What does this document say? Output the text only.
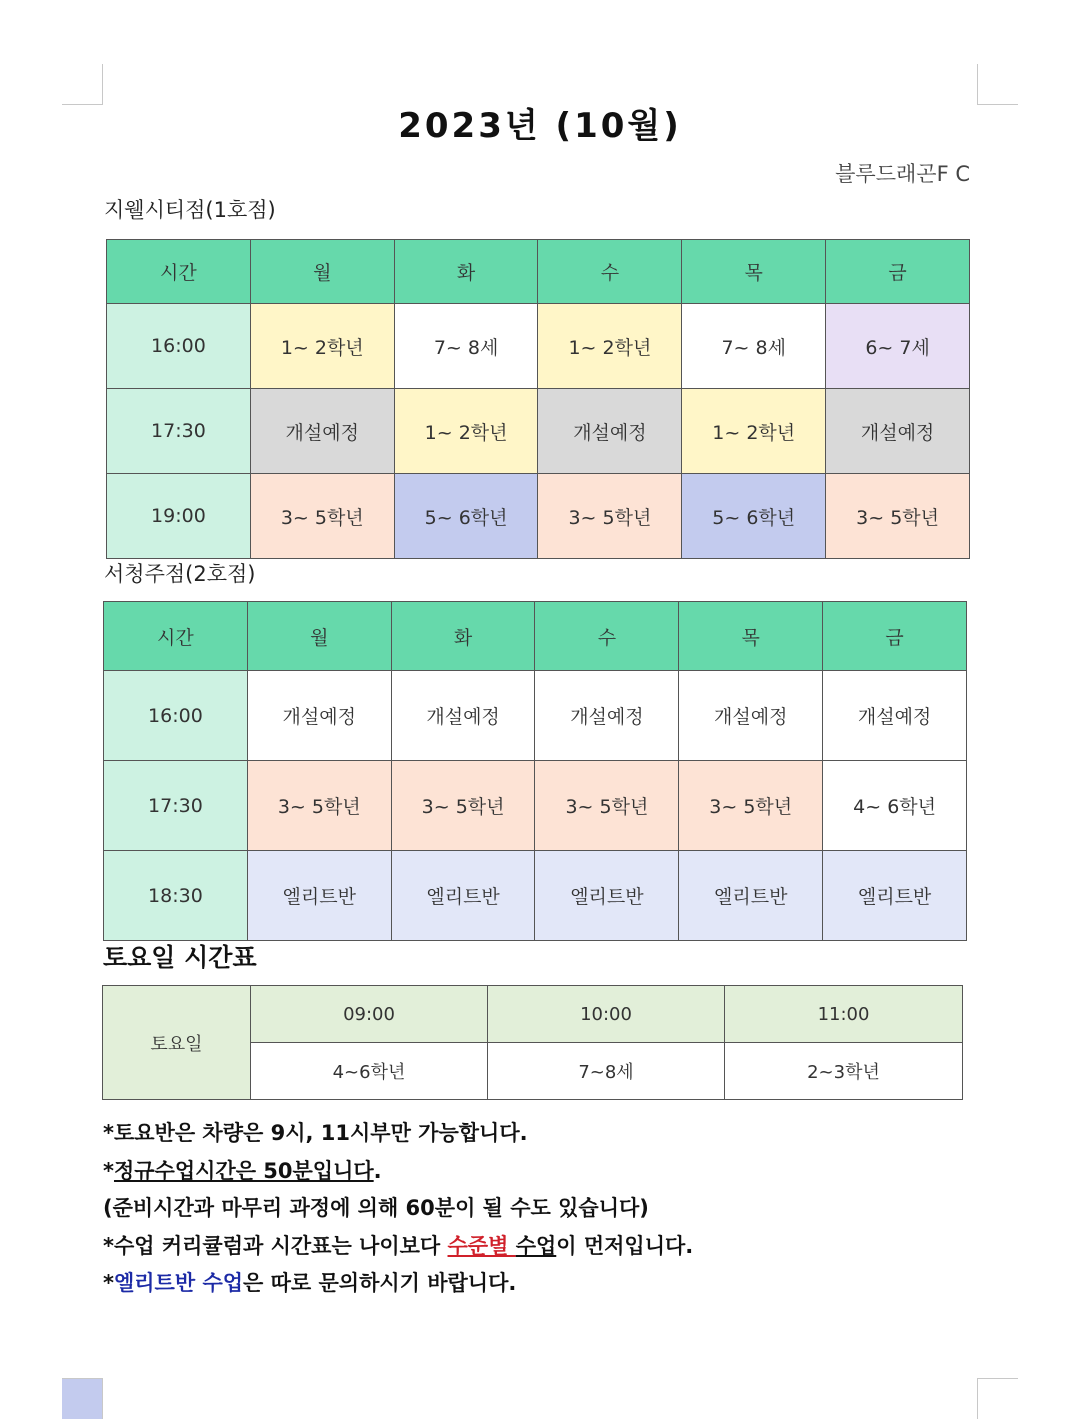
2023년 (10월)
블루드래곤F C
지웰시티점(1호점)
시간	월	화	수	목	금
16:00	1~ 2학년	7~ 8세	1~ 2학년	7~ 8세	6~ 7세
17:30	개설예정	1~ 2학년	개설예정	1~ 2학년	개설예정
19:00	3~ 5학년	5~ 6학년	3~ 5학년	5~ 6학년	3~ 5학년
서청주점(2호점)
시간	월	화	수	목	금
16:00	개설예정	개설예정	개설예정	개설예정	개설예정
17:30	3~ 5학년	3~ 5학년	3~ 5학년	3~ 5학년	4~ 6학년
18:30	엘리트반	엘리트반	엘리트반	엘리트반	엘리트반
토요일 시간표
토요일	09:00	10:00	11:00
	4~6학년	7~8세	2~3학년
*토요반은 차량은 9시, 11시부만 가능합니다.
*정규수업시간은 50분입니다.
(준비시간과 마무리 과정에 의해 60분이 될 수도 있습니다)
*수업 커리큘럼과 시간표는 나이보다 수준별 수업이 먼저입니다.
*엘리트반 수업은 따로 문의하시기 바랍니다.
